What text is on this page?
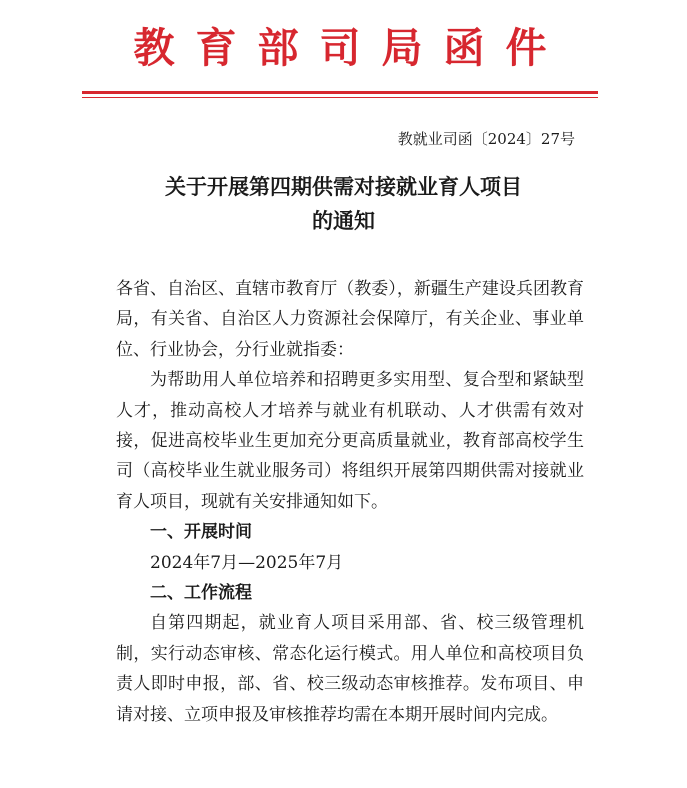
教育部司局函件
教就业司函〔2024〕27号
关于开展第四期供需对接就业育人项目
的通知

各省、自治区、直辖市教育厅（教委），新疆生产建设兵团教育局，有关省、自治区人力资源社会保障厅，有关企业、事业单位、行业协会，分行业就指委：

为帮助用人单位培养和招聘更多实用型、复合型和紧缺型人才，推动高校人才培养与就业有机联动、人才供需有效对接，促进高校毕业生更加充分更高质量就业，教育部高校学生司（高校毕业生就业服务司）将组织开展第四期供需对接就业育人项目，现就有关安排通知如下。

一、开展时间

2024年7月—2025年7月

二、工作流程

自第四期起，就业育人项目采用部、省、校三级管理机制，实行动态审核、常态化运行模式。用人单位和高校项目负责人即时申报，部、省、校三级动态审核推荐。发布项目、申请对接、立项申报及审核推荐均需在本期开展时间内完成。
